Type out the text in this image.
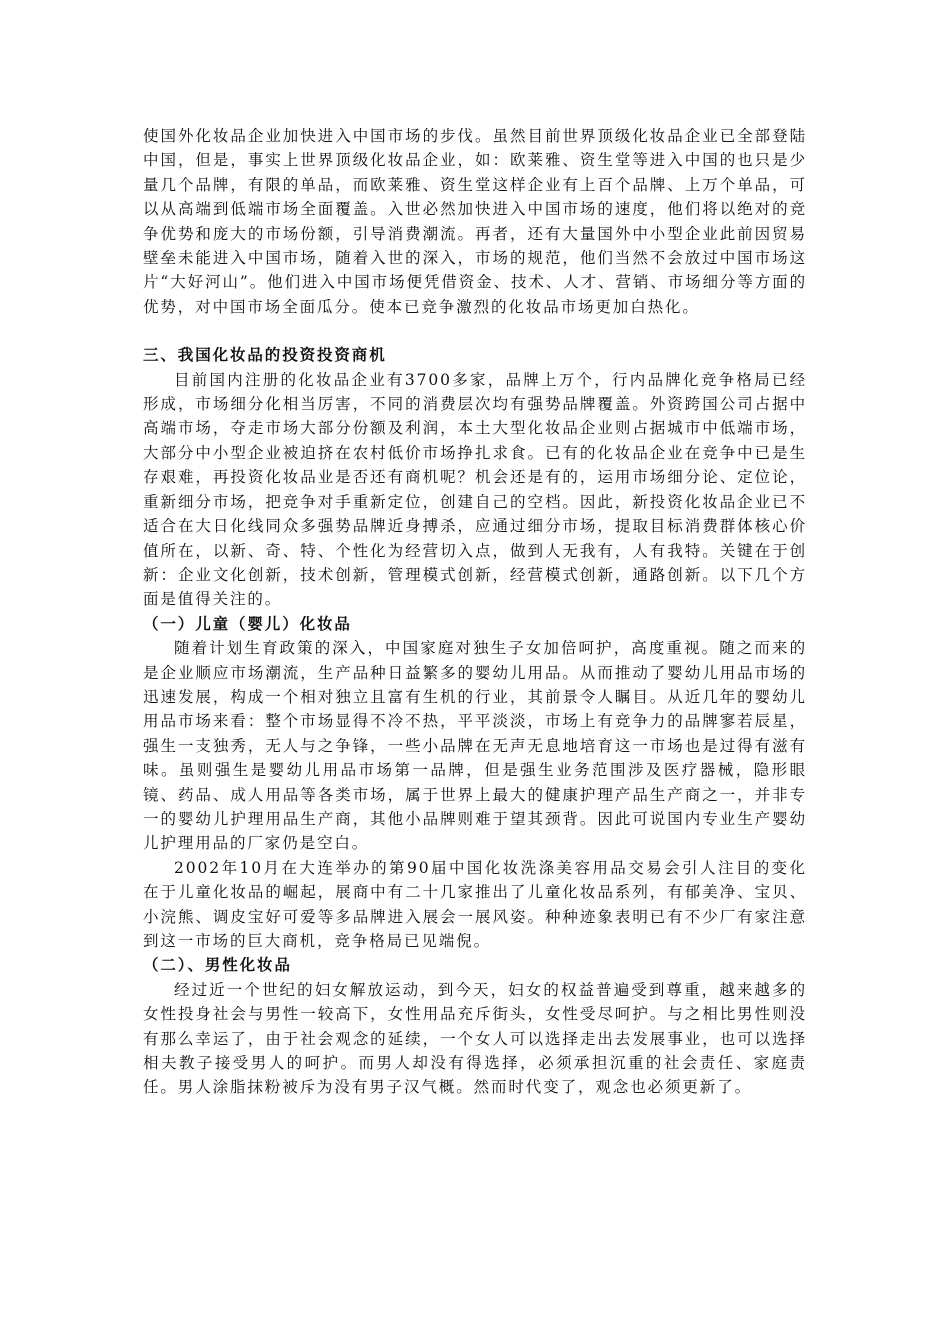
使国外化妆品企业加快进入中国市场的步伐。虽然目前世界顶级化妆品企业已全部登陆中国，但是，事实上世界顶级化妆品企业，如：欧莱雅、资生堂等进入中国的也只是少量几个品牌，有限的单品，而欧莱雅、资生堂这样企业有上百个品牌、上万个单品，可以从高端到低端市场全面覆盖。入世必然加快进入中国市场的速度，他们将以绝对的竞争优势和庞大的市场份额，引导消费潮流。再者，还有大量国外中小型企业此前因贸易壁垒未能进入中国市场，随着入世的深入，市场的规范，他们当然不会放过中国市场这片“大好河山”。他们进入中国市场便凭借资金、技术、人才、营销、市场细分等方面的优势，对中国市场全面瓜分。使本已竞争激烈的化妆品市场更加白热化。

三、我国化妆品的投资投资商机

目前国内注册的化妆品企业有3700多家，品牌上万个，行内品牌化竞争格局已经形成，市场细分化相当厉害，不同的消费层次均有强势品牌覆盖。外资跨国公司占据中高端市场，夺走市场大部分份额及利润，本土大型化妆品企业则占据城市中低端市场，大部分中小型企业被迫挤在农村低价市场挣扎求食。已有的化妆品企业在竞争中已是生存艰难，再投资化妆品业是否还有商机呢？机会还是有的，运用市场细分论、定位论，重新细分市场，把竞争对手重新定位，创建自己的空档。因此，新投资化妆品企业已不适合在大日化线同众多强势品牌近身搏杀，应通过细分市场，提取目标消费群体核心价值所在，以新、奇、特、个性化为经营切入点，做到人无我有，人有我特。关键在于创新：企业文化创新，技术创新，管理模式创新，经营模式创新，通路创新。以下几个方面是值得关注的。

（一）儿童（婴儿）化妆品

随着计划生育政策的深入，中国家庭对独生子女加倍呵护，高度重视。随之而来的是企业顺应市场潮流，生产品种日益繁多的婴幼儿用品。从而推动了婴幼儿用品市场的迅速发展，构成一个相对独立且富有生机的行业，其前景令人瞩目。从近几年的婴幼儿用品市场来看：整个市场显得不冷不热，平平淡淡，市场上有竞争力的品牌寥若辰星，强生一支独秀，无人与之争锋，一些小品牌在无声无息地培育这一市场也是过得有滋有味。虽则强生是婴幼儿用品市场第一品牌，但是强生业务范围涉及医疗器械，隐形眼镜、药品、成人用品等各类市场，属于世界上最大的健康护理产品生产商之一，并非专一的婴幼儿护理用品生产商，其他小品牌则难于望其颈背。因此可说国内专业生产婴幼儿护理用品的厂家仍是空白。

2002年10月在大连举办的第90届中国化妆洗涤美容用品交易会引人注目的变化在于儿童化妆品的崛起，展商中有二十几家推出了儿童化妆品系列，有郁美净、宝贝、小浣熊、调皮宝好可爱等多品牌进入展会一展风姿。种种迹象表明已有不少厂有家注意到这一市场的巨大商机，竞争格局已见端倪。

（二）、男性化妆品

经过近一个世纪的妇女解放运动，到今天，妇女的权益普遍受到尊重，越来越多的女性投身社会与男性一较高下，女性用品充斥街头，女性受尽呵护。与之相比男性则没有那么幸运了，由于社会观念的延续，一个女人可以选择走出去发展事业，也可以选择相夫教子接受男人的呵护。而男人却没有得选择，必须承担沉重的社会责任、家庭责任。男人涂脂抹粉被斥为没有男子汉气概。然而时代变了，观念也必须更新了。
